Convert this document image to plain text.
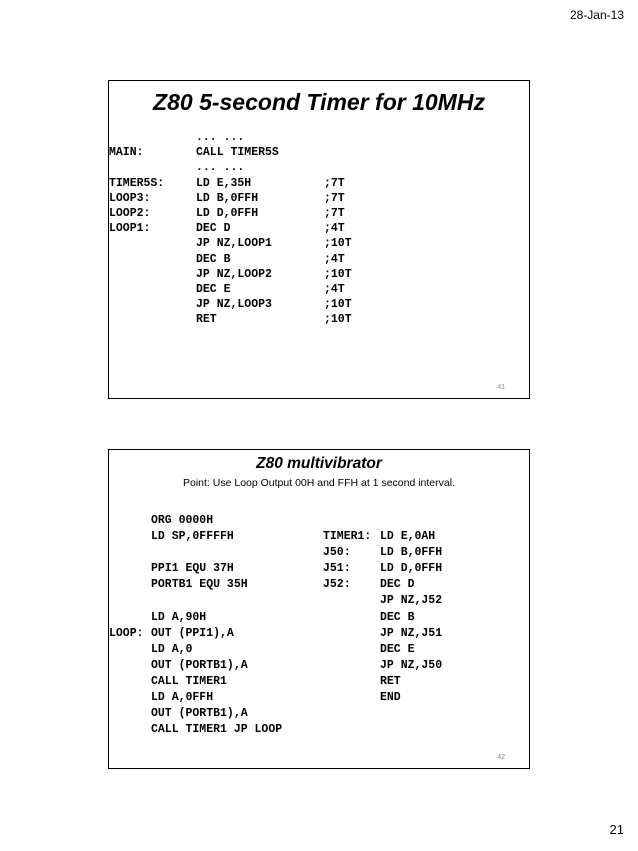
28-Jan-13
Z80 5-second Timer for 10MHz
MAIN:
TIMER5S:
LOOP3:
LOOP2:
LOOP1:
... ...
CALL TIMER5S
... ...
LD E,35H
LD B,0FFH
LD D,0FFH
DEC D
JP NZ,LOOP1
DEC B
JP NZ,LOOP2
DEC E
JP NZ,LOOP3
RET
;7T
;7T
;7T
;4T
;10T
;4T
;10T
;4T
;10T
;10T
41
Z80 multivibrator
Point: Use Loop Output 00H and FFH at 1 second interval.
LOOP:
ORG 0000H
LD SP,0FFFFH
PPI1 EQU 37H
PORTB1 EQU 35H
LD A,90H
OUT (PPI1),A
LD A,0
OUT (PORTB1),A
CALL TIMER1
LD A,0FFH
OUT (PORTB1),A
CALL TIMER1 JP LOOP
TIMER1:
J50:
J51:
J52:
LD E,0AH
LD B,0FFH
LD D,0FFH
DEC D
JP NZ,J52
DEC B
JP NZ,J51
DEC E
JP NZ,J50
RET
END
42
21
